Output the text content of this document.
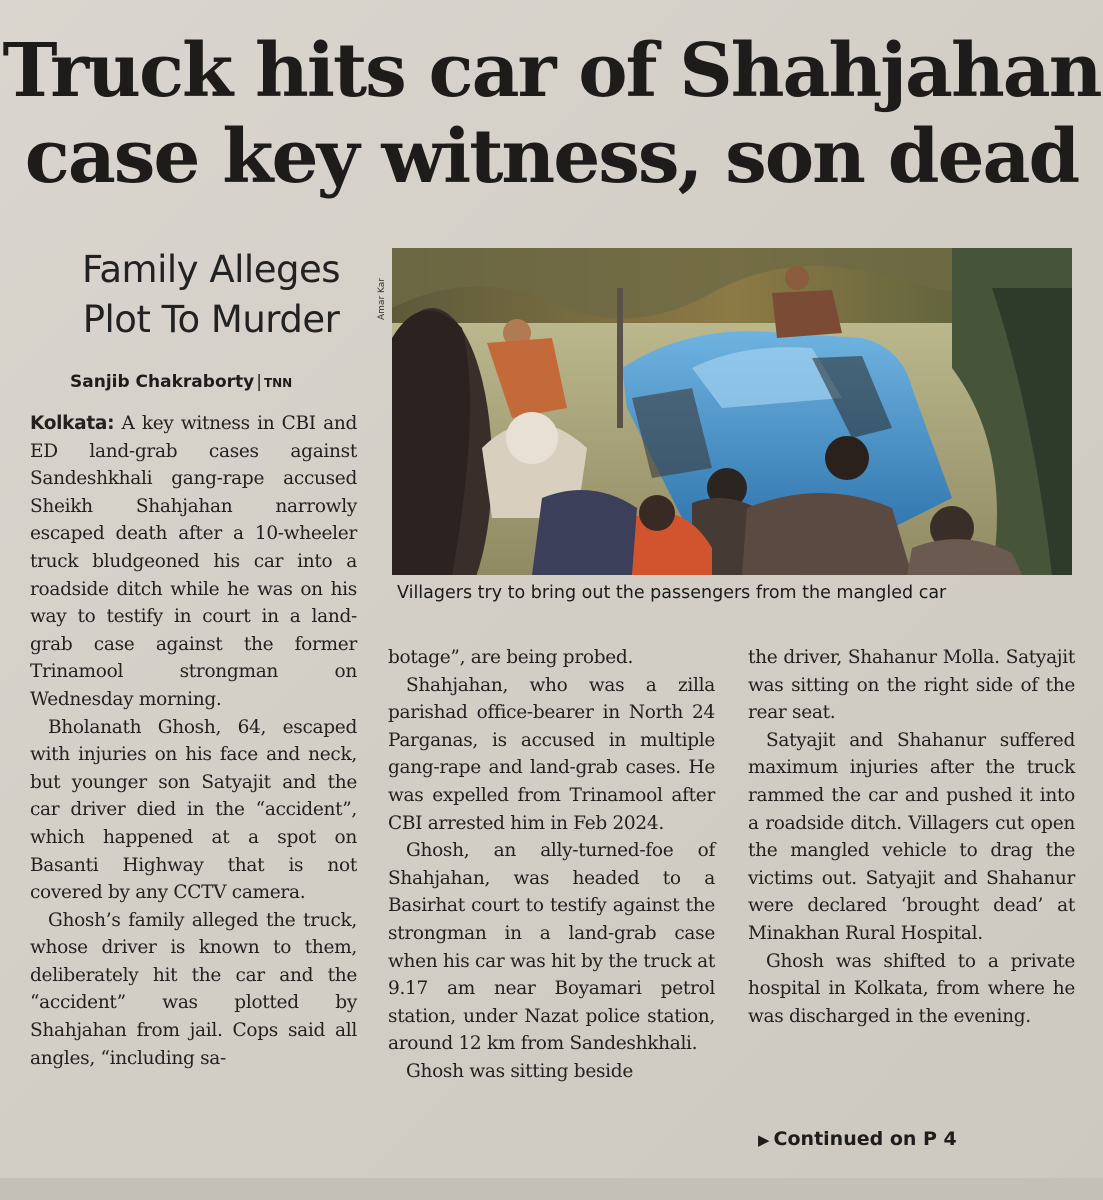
Truck hits car of Shahjahan
case key witness, son dead
Family Alleges
Plot To Murder
Sanjib Chakraborty | TNN
Amar Kar
Villagers try to bring out the passengers from the mangled car

Kolkata: A key witness in CBI and ED land-grab cases against Sandeshkhali gang-rape accused Sheikh Shahjahan narrowly escaped death after a 10-wheeler truck bludgeoned his car into a roadside ditch while he was on his way to testify in court in a land-grab case against the former Trinamool strongman on Wednesday morning.

Bholanath Ghosh, 64, escaped with injuries on his face and neck, but younger son Satyajit and the car driver died in the “accident”, which happened at a spot on Basanti Highway that is not covered by any CCTV camera.

Ghosh’s family alleged the truck, whose driver is known to them, deliberately hit the car and the “accident” was plotted by Shahjahan from jail. Cops said all angles, “including sa-

botage”, are being probed.

Shahjahan, who was a zilla parishad office-bearer in North 24 Parganas, is accused in multiple gang-rape and land-grab cases. He was expelled from Trinamool after CBI arrested him in Feb 2024.

Ghosh, an ally-turned-foe of Shahjahan, was headed to a Basirhat court to testify against the strongman in a land-grab case when his car was hit by the truck at 9.17 am near Boyamari petrol station, under Nazat police station, around 12 km from Sandeshkhali.

Ghosh was sitting beside

the driver, Shahanur Molla. Satyajit was sitting on the right side of the rear seat.

Satyajit and Shahanur suffered maximum injuries after the truck rammed the car and pushed it into a roadside ditch. Villagers cut open the mangled vehicle to drag the victims out. Satyajit and Shahanur were declared ‘brought dead’ at Minakhan Rural Hospital.

Ghosh was shifted to a private hospital in Kolkata, from where he was discharged in the evening.

▶ Continued on P 4
